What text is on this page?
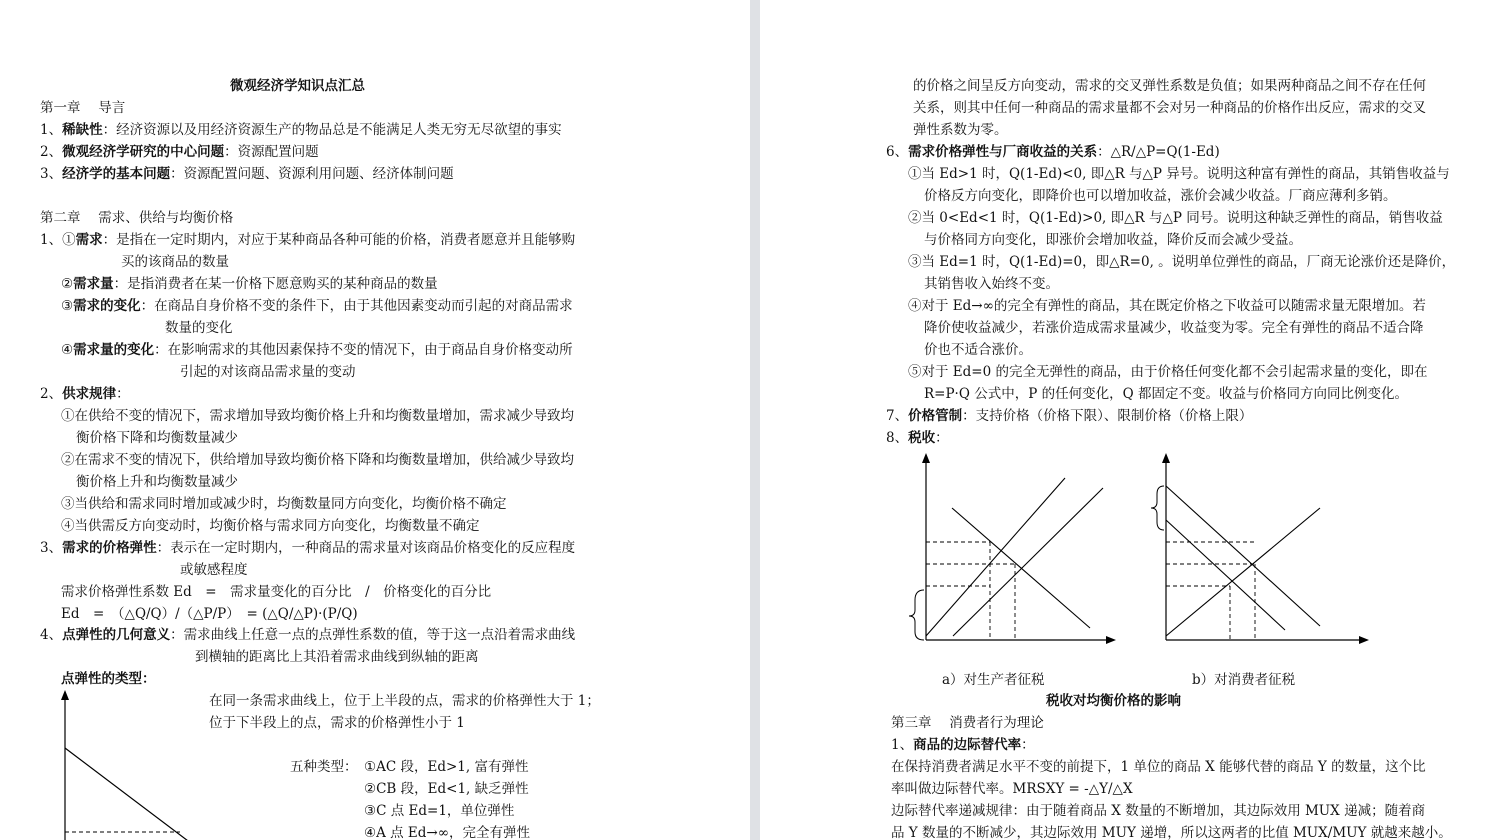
微观经济学知识点汇总
第一章　 导言
1、稀缺性：经济资源以及用经济资源生产的物品总是不能满足人类无穷无尽欲望的事实
2、微观经济学研究的中心问题：资源配置问题
3、经济学的基本问题：资源配置问题、资源利用问题、经济体制问题
第二章　 需求、供给与均衡价格
1、①需求：是指在一定时期内，对应于某种商品各种可能的价格，消费者愿意并且能够购
买的该商品的数量
②需求量：是指消费者在某一价格下愿意购买的某种商品的数量
③需求的变化：在商品自身价格不变的条件下，由于其他因素变动而引起的对商品需求
数量的变化
④需求量的变化：在影响需求的其他因素保持不变的情况下，由于商品自身价格变动所
引起的对该商品需求量的变动
2、供求规律：
①在供给不变的情况下，需求增加导致均衡价格上升和均衡数量增加，需求减少导致均
衡价格下降和均衡数量减少
②在需求不变的情况下，供给增加导致均衡价格下降和均衡数量增加，供给减少导致均
衡价格上升和均衡数量减少
③当供给和需求同时增加或减少时，均衡数量同方向变化，均衡价格不确定
④当供需反方向变动时，均衡价格与需求同方向变化，均衡数量不确定
3、需求的价格弹性：表示在一定时期内，一种商品的需求量对该商品价格变化的反应程度
或敏感程度
需求价格弹性系数 Ed　=　需求量变化的百分比　/　价格变化的百分比
Ed　=　（△Q/Q）/（△P/P）　= (△Q/△P)·(P/Q)
4、点弹性的几何意义：需求曲线上任意一点的点弹性系数的值，等于这一点沿着需求曲线
到横轴的距离比上其沿着需求曲线到纵轴的距离
点弹性的类型：
在同一条需求曲线上，位于上半段的点，需求的价格弹性大于 1；
位于下半段上的点，需求的价格弹性小于 1
五种类型： ①AC 段，Ed>1, 富有弹性
②CB 段，Ed<1, 缺乏弹性
③C 点 Ed=1，单位弹性
④A 点 Ed→∞，完全有弹性
的价格之间呈反方向变动，需求的交叉弹性系数是负值；如果两种商品之间不存在任何
关系，则其中任何一种商品的需求量都不会对另一种商品的价格作出反应，需求的交叉
弹性系数为零。
6、需求价格弹性与厂商收益的关系：△R/△P=Q(1-Ed)
①当 Ed>1 时，Q(1-Ed)<0, 即△R 与△P 异号。说明这种富有弹性的商品，其销售收益与
价格反方向变化，即降价也可以增加收益，涨价会减少收益。厂商应薄利多销。
②当 0<Ed<1 时，Q(1-Ed)>0, 即△R 与△P 同号。说明这种缺乏弹性的商品，销售收益
与价格同方向变化，即涨价会增加收益，降价反而会减少受益。
③当 Ed=1 时，Q(1-Ed)=0，即△R=0, 。说明单位弹性的商品，厂商无论涨价还是降价，
其销售收入始终不变。
④对于 Ed→∞的完全有弹性的商品，其在既定价格之下收益可以随需求量无限增加。若
降价使收益减少，若涨价造成需求量减少，收益变为零。完全有弹性的商品不适合降
价也不适合涨价。
⑤对于 Ed=0 的完全无弹性的商品，由于价格任何变化都不会引起需求量的变化，即在
R=P·Q 公式中，P 的任何变化，Q 都固定不变。收益与价格同方向同比例变化。
7、价格管制：支持价格（价格下限）、限制价格（价格上限）
8、税收：
a）对生产者征税	b）对消费者征税
税收对均衡价格的影响
第三章　 消费者行为理论
1、商品的边际替代率：
在保持消费者满足水平不变的前提下，1 单位的商品 X 能够代替的商品 Y 的数量，这个比
率叫做边际替代率。MRSXY = -△Y/△X
边际替代率递减规律：由于随着商品 X 数量的不断增加，其边际效用 MUX 递减；随着商
品 Y 数量的不断减少，其边际效用 MUY 递增，所以这两者的比值 MUX/MUY 就越来越小。
